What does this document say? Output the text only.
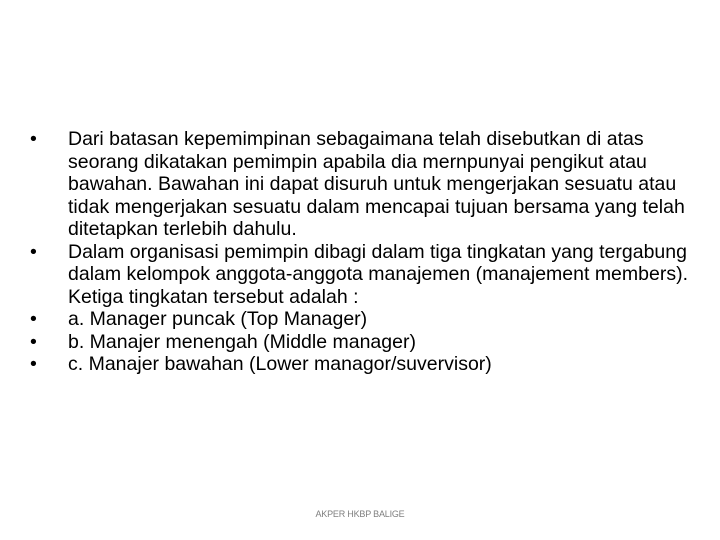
•	Dari batasan kepemimpinan sebagaimana telah disebutkan di atas seorang dikatakan pemimpin apabila dia mernpunyai pengikut atau bawahan. Bawahan ini dapat disuruh untuk mengerjakan sesuatu atau tidak mengerjakan sesuatu dalam mencapai tujuan bersama yang telah ditetapkan terlebih dahulu.
•	Dalam organisasi pemimpin dibagi dalam tiga tingkatan yang tergabung dalam kelompok anggota-anggota manajemen (manajement members). Ketiga tingkatan tersebut adalah :
•	a. Manager puncak (Top Manager)
•	b. Manajer menengah (Middle manager)
•	c. Manajer bawahan (Lower managor/suvervisor)
AKPER HKBP BALIGE
